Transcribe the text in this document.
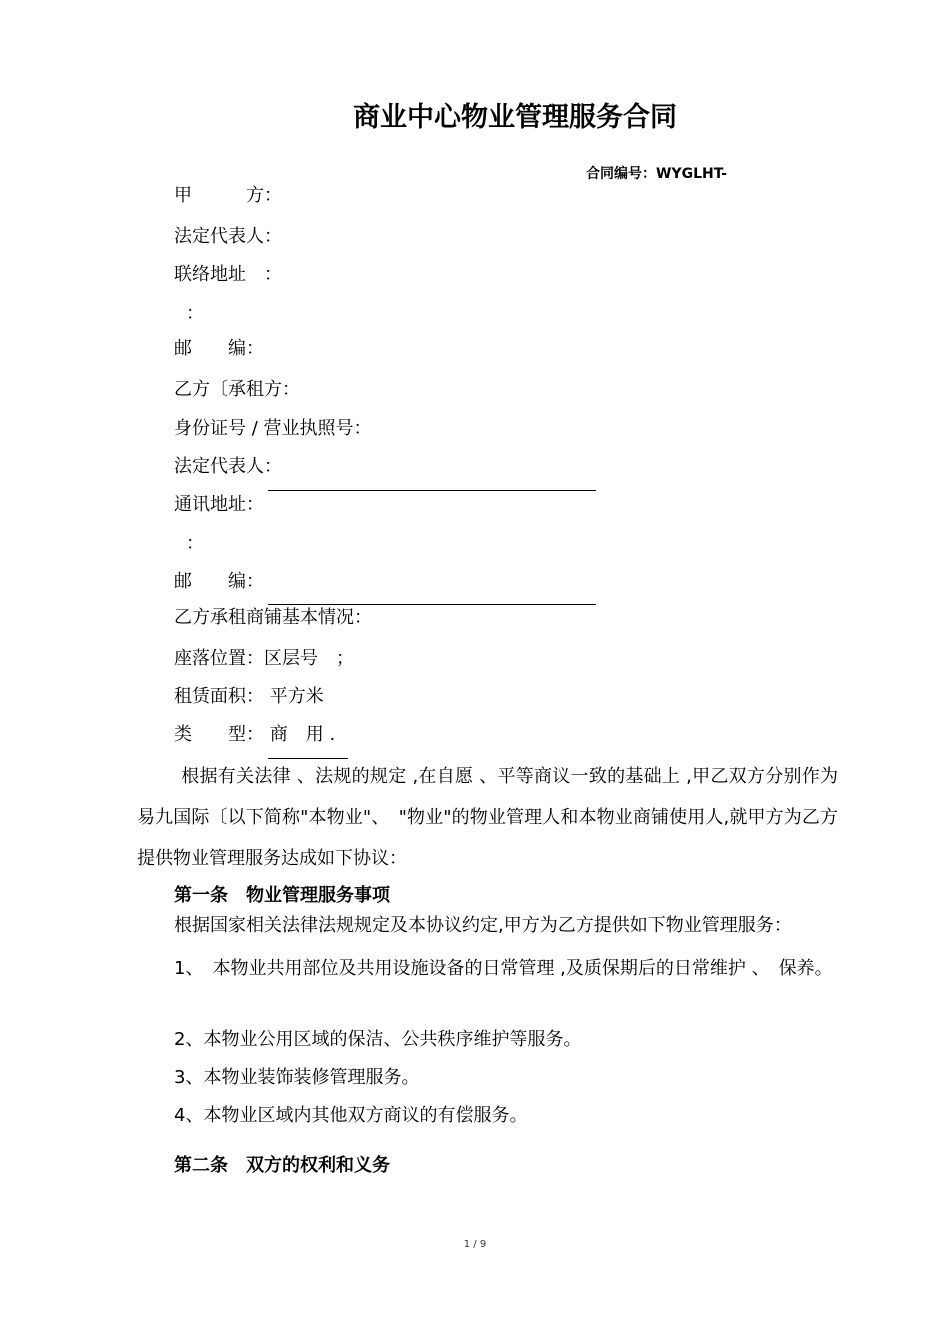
商业中心物业管理服务合同
合同编号：WYGLHT-
甲　　　方：
法定代表人：
联络地址　：
：
邮　　编：
乙方〔承租方：
身份证号 / 营业执照号：
法定代表人：
通讯地址：
：
邮　　编：
乙方承租商铺基本情况：
座落位置：区层号　；
租赁面积： 平方米
类　　型： 商　用 .
根据有关法律 、法规的规定 ,在自愿 、平等商议一致的基础上 ,甲乙双方分别作为易九国际〔以下简称"本物业"、　"物业"的物业管理人和本物业商铺使用人,就甲方为乙方提供物业管理服务达成如下协议：
第一条　物业管理服务事项
根据国家相关法律法规规定及本协议约定,甲方为乙方提供如下物业管理服务：
1、　本物业共用部位及共用设施设备的日常管理 ,及质保期后的日常维护 、　保养。
2、本物业公用区域的保洁、公共秩序维护等服务。
3、本物业装饰装修管理服务。
4、本物业区域内其他双方商议的有偿服务。
第二条　双方的权利和义务
1 / 9
